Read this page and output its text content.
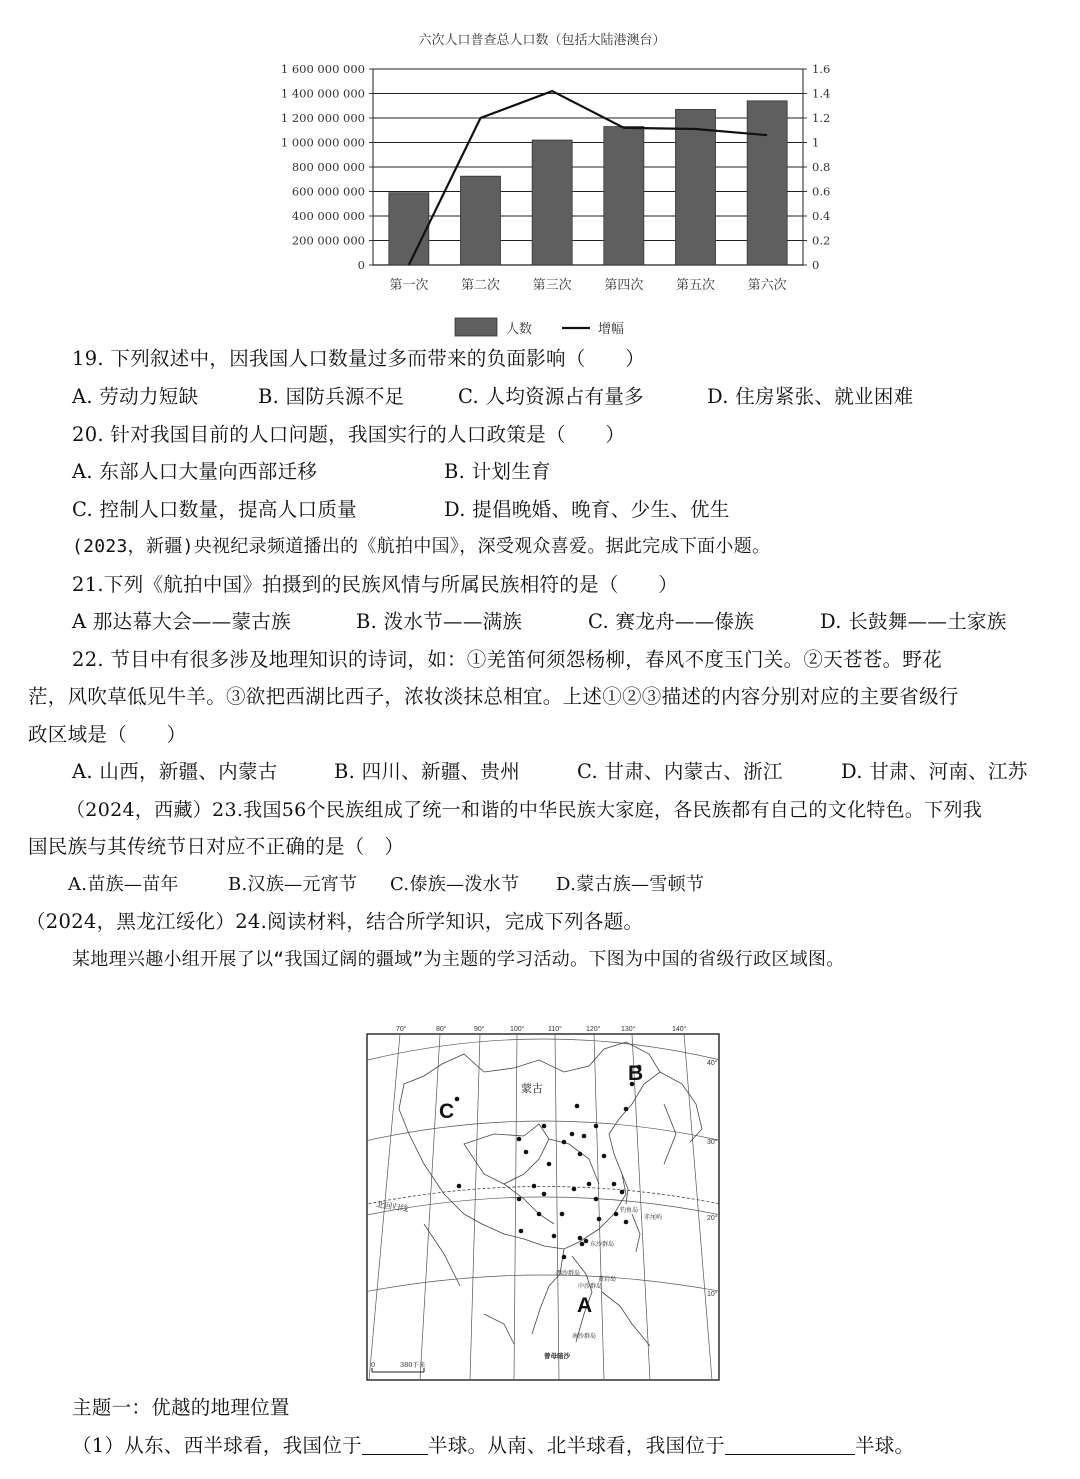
六次人口普查总人口数（包括大陆港澳台）
0	0
200 000 000	0.2
400 000 000	0.4
600 000 000	0.6
800 000 000	0.8
1 000 000 000	1
1 200 000 000	1.2
1 400 000 000	1.4
1 600 000 000	1.6
第一次	第二次	第三次	第四次	第五次	第六次
人数	增幅
19. 下列叙述中，因我国人口数量过多而带来的负面影响（　　）
A. 劳动力短缺	B. 国防兵源不足	C. 人均资源占有量多	D. 住房紧张、就业困难
20. 针对我国目前的人口问题，我国实行的人口政策是（　　）
A. 东部人口大量向西部迁移	B. 计划生育
C. 控制人口数量，提高人口质量	D. 提倡晚婚、晚育、少生、优生
(2023，新疆)央视纪录频道播出的《航拍中国》，深受观众喜爱。据此完成下面小题。
21.下列《航拍中国》拍摄到的民族风情与所属民族相符的是（　　）
A 那达幕大会——蒙古族	B. 泼水节——满族	C. 赛龙舟——傣族	D. 长鼓舞——土家族
22. 节目中有很多涉及地理知识的诗词，如：①羌笛何须怨杨柳，春风不度玉门关。②天苍苍。野花
茫，风吹草低见牛羊。③欲把西湖比西子，浓妆淡抹总相宜。上述①②③描述的内容分别对应的主要省级行
政区域是（　　）
A. 山西，新疆、内蒙古	B. 四川、新疆、贵州	C. 甘肃、内蒙古、浙江	D. 甘肃、河南、江苏
（2024，西藏）23.我国56个民族组成了统一和谐的中华民族大家庭，各民族都有自己的文化特色。下列我
国民族与其传统节日对应不正确的是（　）
A.苗族—苗年	B.汉族—元宵节 C.傣族—泼水节 D.蒙古族—雪顿节
（2024，黑龙江绥化）24.阅读材料，结合所学知识，完成下列各题。
某地理兴趣小组开展了以“我国辽阔的疆域”为主题的学习活动。下图为中国的省级行政区域图。
70°	80°	90°	100°	110°	120°	130°	140°
40°
30°
20°
10°
蒙古
北回归线	钓鱼岛
赤尾屿
东沙群岛
西沙群岛
黄岩岛
中沙群岛
南沙群岛
曾母暗沙
A
B
C
0	380千米
主题一：优越的地理位置
（1）从东、西半球看，我国位于	半球。从南、北半球看，我国位于	半球。
